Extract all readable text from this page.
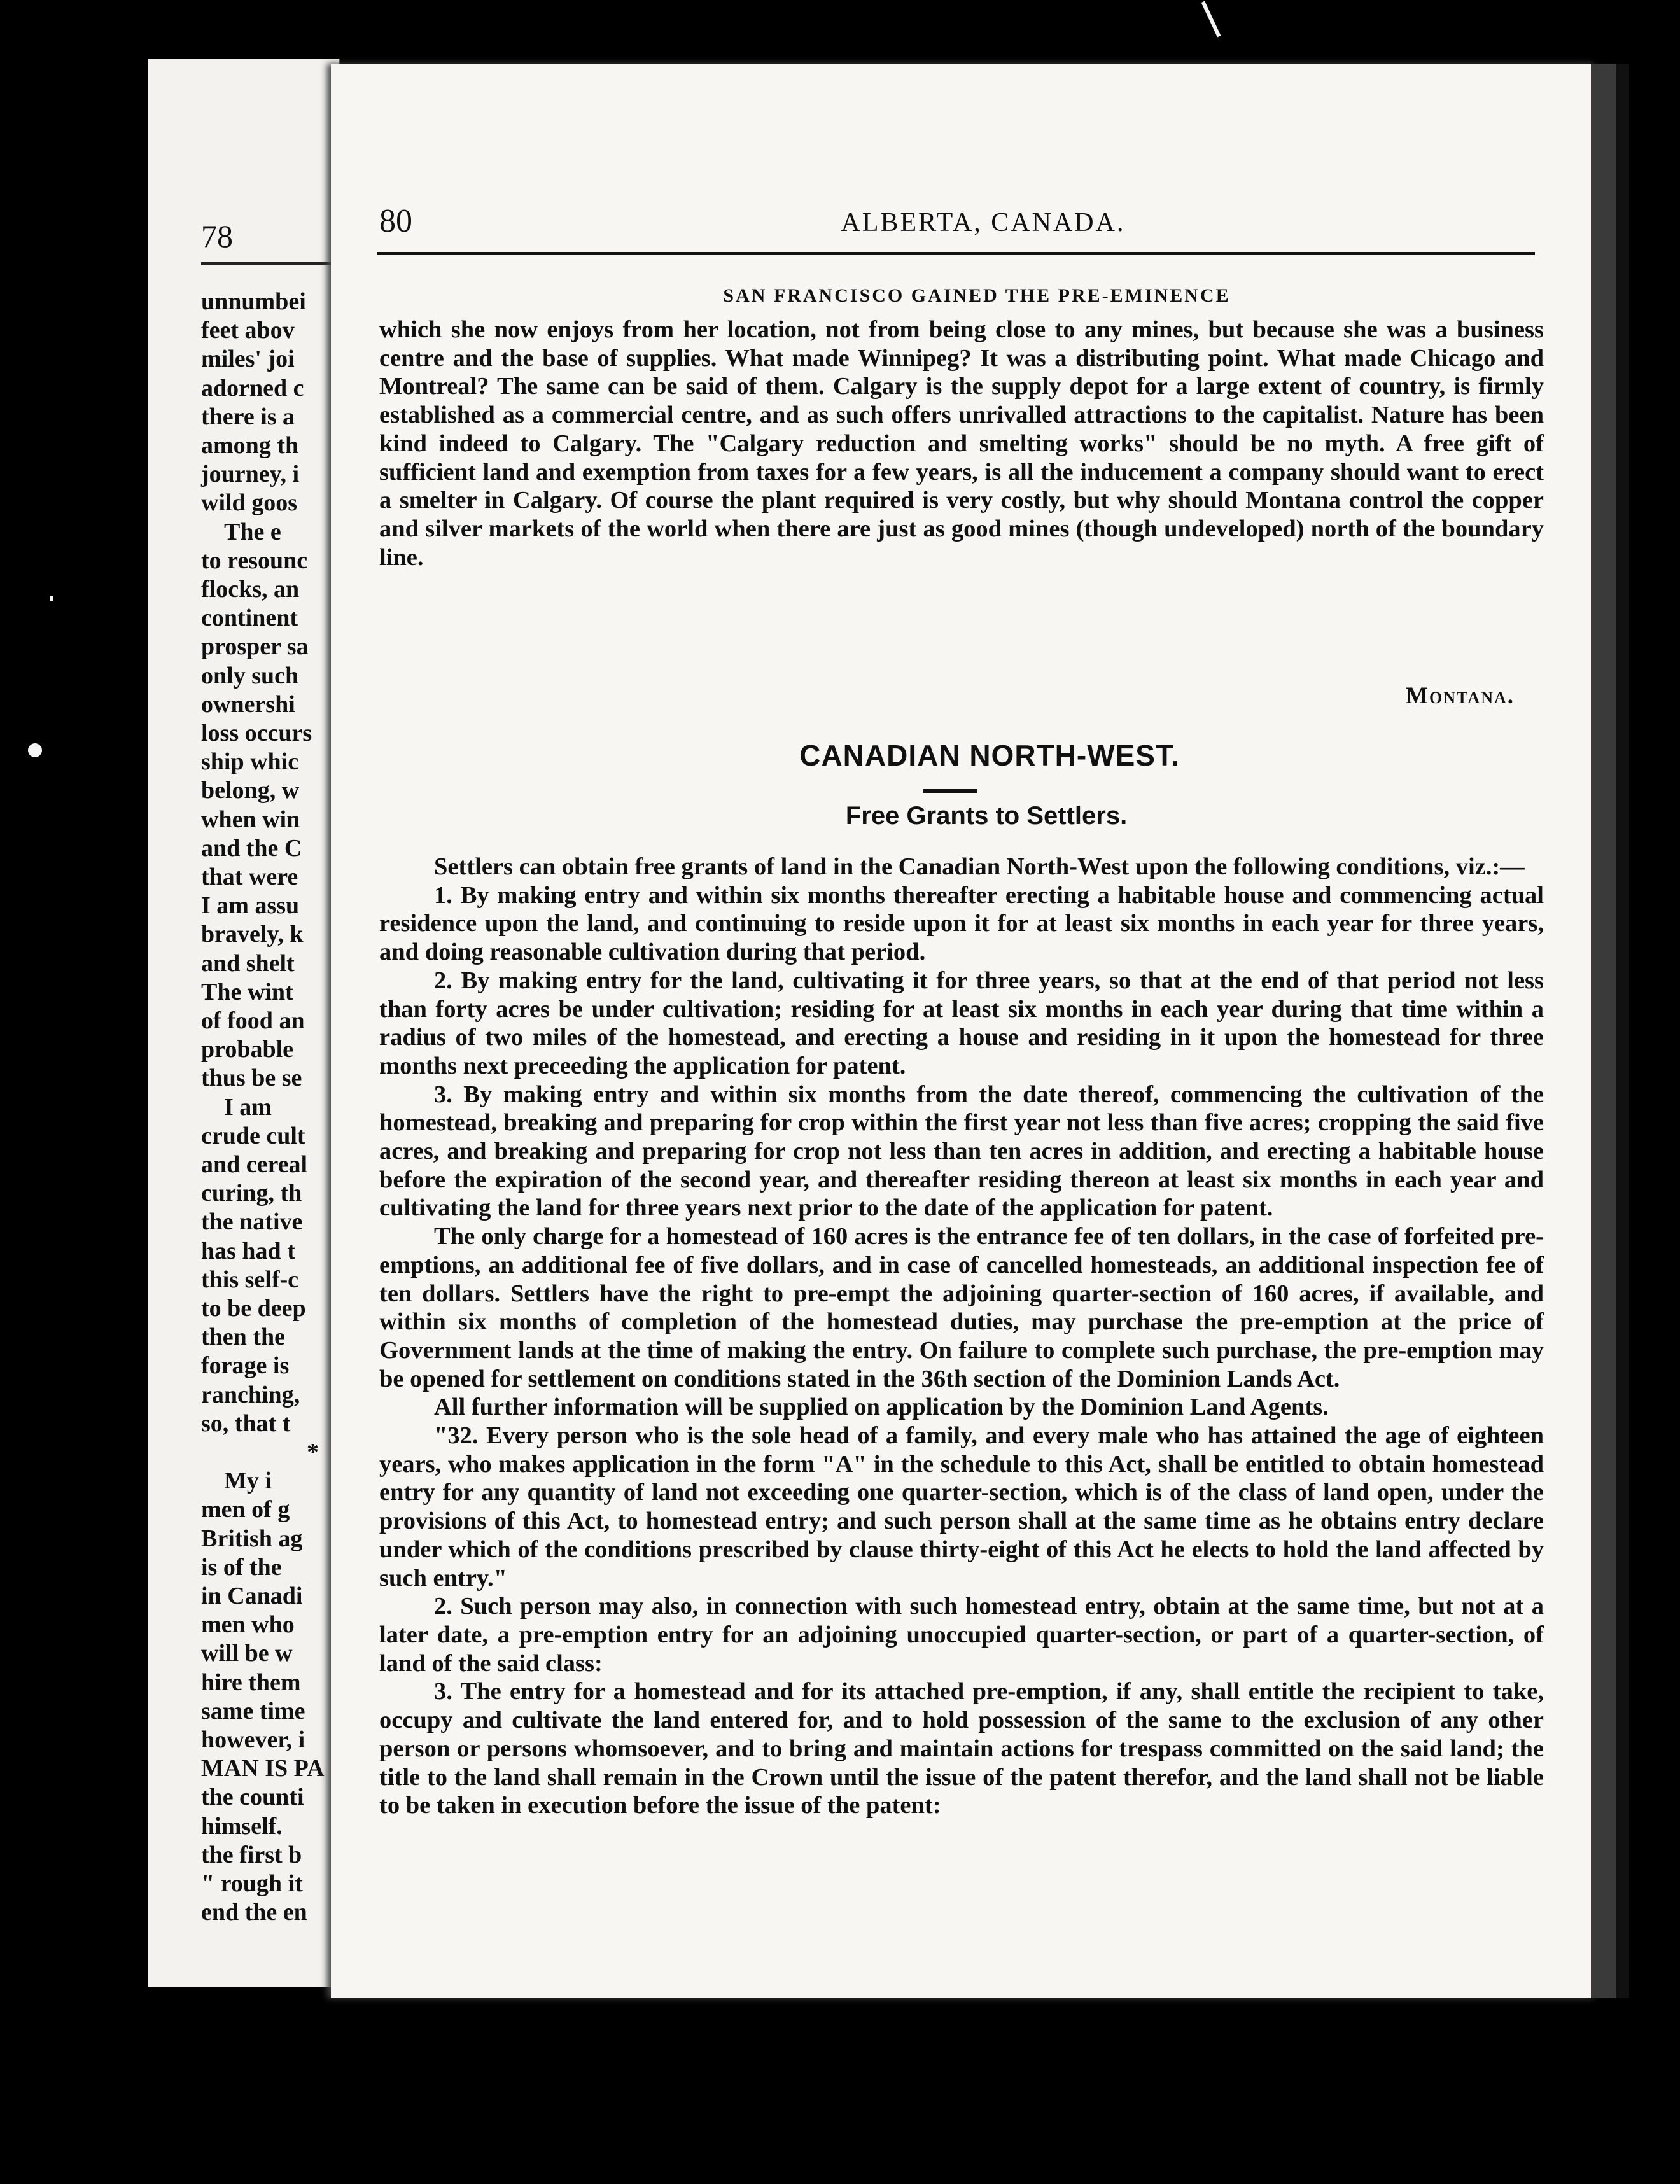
78
unnumbei
feet abov
miles' joi
adorned c
there is a
among th
journey, i
wild goos
The e
to resounc
flocks, an
continent
prosper sa
only such
ownershi
loss occurs
ship whic
belong, w
when win
and the C
that were
I am assu
bravely, k
and shelt
The wint
of food an
probable
thus be se
I am
crude cult
and cereal
curing, th
the native
has had t
this self-c
to be deep
then the
forage is
ranching,
so, that t
*
My i
men of g
British ag
is of the
in Canadi
men who
will be w
hire them
same time
however, i
MAN IS PA
the counti
himself.
the first b
" rough it
end the en
80	ALBERTA, CANADA.
SAN FRANCISCO GAINED THE PRE-EMINENCE

which she now enjoys from her location, not from being close to any mines, but because she was a business centre and the base of supplies. What made Winnipeg? It was a distributing point. What made Chicago and Montreal? The same can be said of them. Calgary is the supply depot for a large extent of country, is firmly established as a commercial centre, and as such offers unrivalled attractions to the capitalist. Nature has been kind indeed to Calgary. The "Calgary reduction and smelting works" should be no myth. A free gift of sufficient land and exemption from taxes for a few years, is all the inducement a company should want to erect a smelter in Calgary. Of course the plant required is very costly, but why should Montana control the copper and silver markets of the world when there are just as good mines (though undeveloped) north of the boundary line.

Montana.
CANADIAN NORTH-WEST.
Free Grants to Settlers.

Settlers can obtain free grants of land in the Canadian North-West upon the following conditions, viz.:—

1. By making entry and within six months thereafter erecting a habitable house and commencing actual residence upon the land, and continuing to reside upon it for at least six months in each year for three years, and doing reasonable cultivation during that period.

2. By making entry for the land, cultivating it for three years, so that at the end of that period not less than forty acres be under cultivation; residing for at least six months in each year during that time within a radius of two miles of the homestead, and erecting a house and residing in it upon the homestead for three months next preceeding the application for patent.

3. By making entry and within six months from the date thereof, commencing the cultivation of the homestead, breaking and preparing for crop within the first year not less than five acres; cropping the said five acres, and breaking and preparing for crop not less than ten acres in addition, and erecting a habitable house before the expiration of the second year, and thereafter residing thereon at least six months in each year and cultivating the land for three years next prior to the date of the application for patent.

The only charge for a homestead of 160 acres is the entrance fee of ten dollars, in the case of forfeited pre-emptions, an additional fee of five dollars, and in case of cancelled homesteads, an additional inspection fee of ten dollars. Settlers have the right to pre-empt the adjoining quarter-section of 160 acres, if available, and within six months of completion of the homestead duties, may purchase the pre-emption at the price of Government lands at the time of making the entry. On failure to complete such purchase, the pre-emption may be opened for settlement on conditions stated in the 36th section of the Dominion Lands Act.

All further information will be supplied on application by the Dominion Land Agents.

"32. Every person who is the sole head of a family, and every male who has attained the age of eighteen years, who makes application in the form "A" in the schedule to this Act, shall be entitled to obtain homestead entry for any quantity of land not exceeding one quarter-section, which is of the class of land open, under the provisions of this Act, to homestead entry; and such person shall at the same time as he obtains entry declare under which of the conditions prescribed by clause thirty-eight of this Act he elects to hold the land affected by such entry."

2. Such person may also, in connection with such homestead entry, obtain at the same time, but not at a later date, a pre-emption entry for an adjoining unoccupied quarter-section, or part of a quarter-section, of land of the said class:

3. The entry for a homestead and for its attached pre-emption, if any, shall entitle the recipient to take, occupy and cultivate the land entered for, and to hold possession of the same to the exclusion of any other person or persons whomsoever, and to bring and maintain actions for trespass committed on the said land; the title to the land shall remain in the Crown until the issue of the patent therefor, and the land shall not be liable to be taken in execution before the issue of the patent:
